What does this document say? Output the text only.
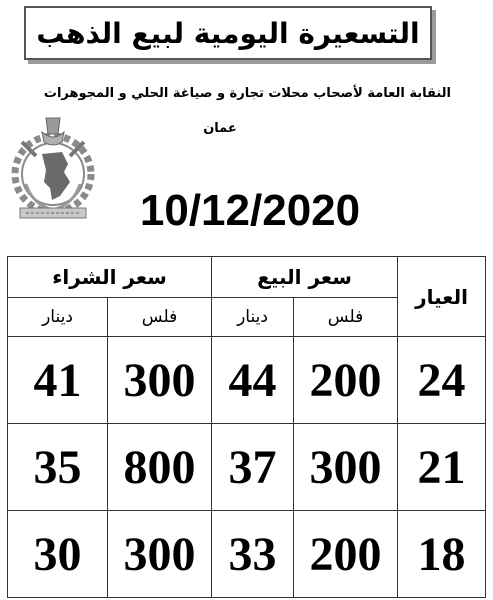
التسعيرة اليومية لبيع الذهب
النقابة العامة لأصحاب محلات تجارة و صياغة الحلي و المجوهرات
عمان
10/12/2020
العيار	سعر البيع		سعر الشراء	
	فلس	دينار	فلس	دينار
24	200	44	300	41
21	300	37	800	35
18	200	33	300	30
